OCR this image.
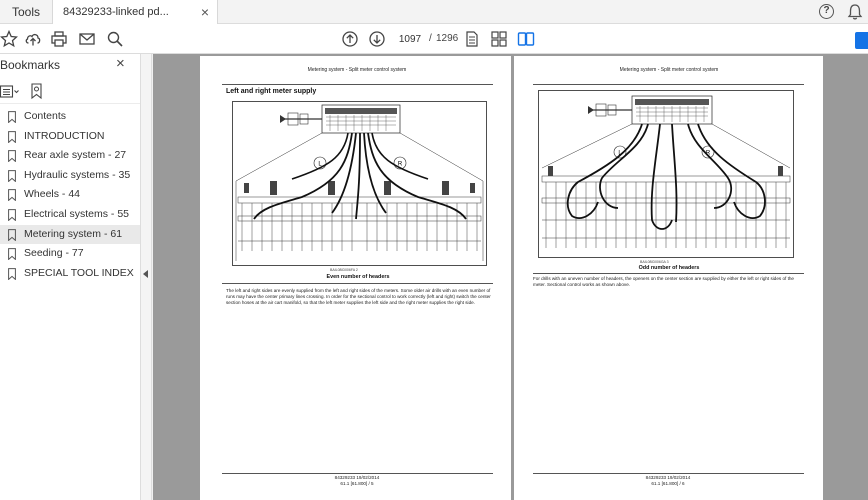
Tools	84329233-linked pd... ×	?
1097 / 1296
Bookmarks	×
Contents
INTRODUCTION
Rear axle system - 27
Hydraulic systems - 35
Wheels - 44
Electrical systems - 55
Metering system - 61
Seeding - 77
SPECIAL TOOL INDEX
Metering system - Split meter control system
Left and right meter supply
L	R
BAIL08ID006FA 2
Even number of headers
The left and right sides are evenly supplied from the left and right sides of the meters. Some older air drills with an even number of runs may have the center primary lines crossing. In order for the sectional control to work correctly (left and right) switch the center section hoses at the air cart manifold, so that the left meter supplies the left side and the right meter supplies the right side.
84329233 19/02/2014
61.1 [61.800] / 5
Metering system - Split meter control system
L	R
BAIL08ID006GA 3
Odd number of headers
For drills with an uneven number of headers, the openers on the center section are supplied by either the left or right sides of the meter. Sectional control works as shown above.
84329233 19/02/2014
61.1 [61.800] / 6
